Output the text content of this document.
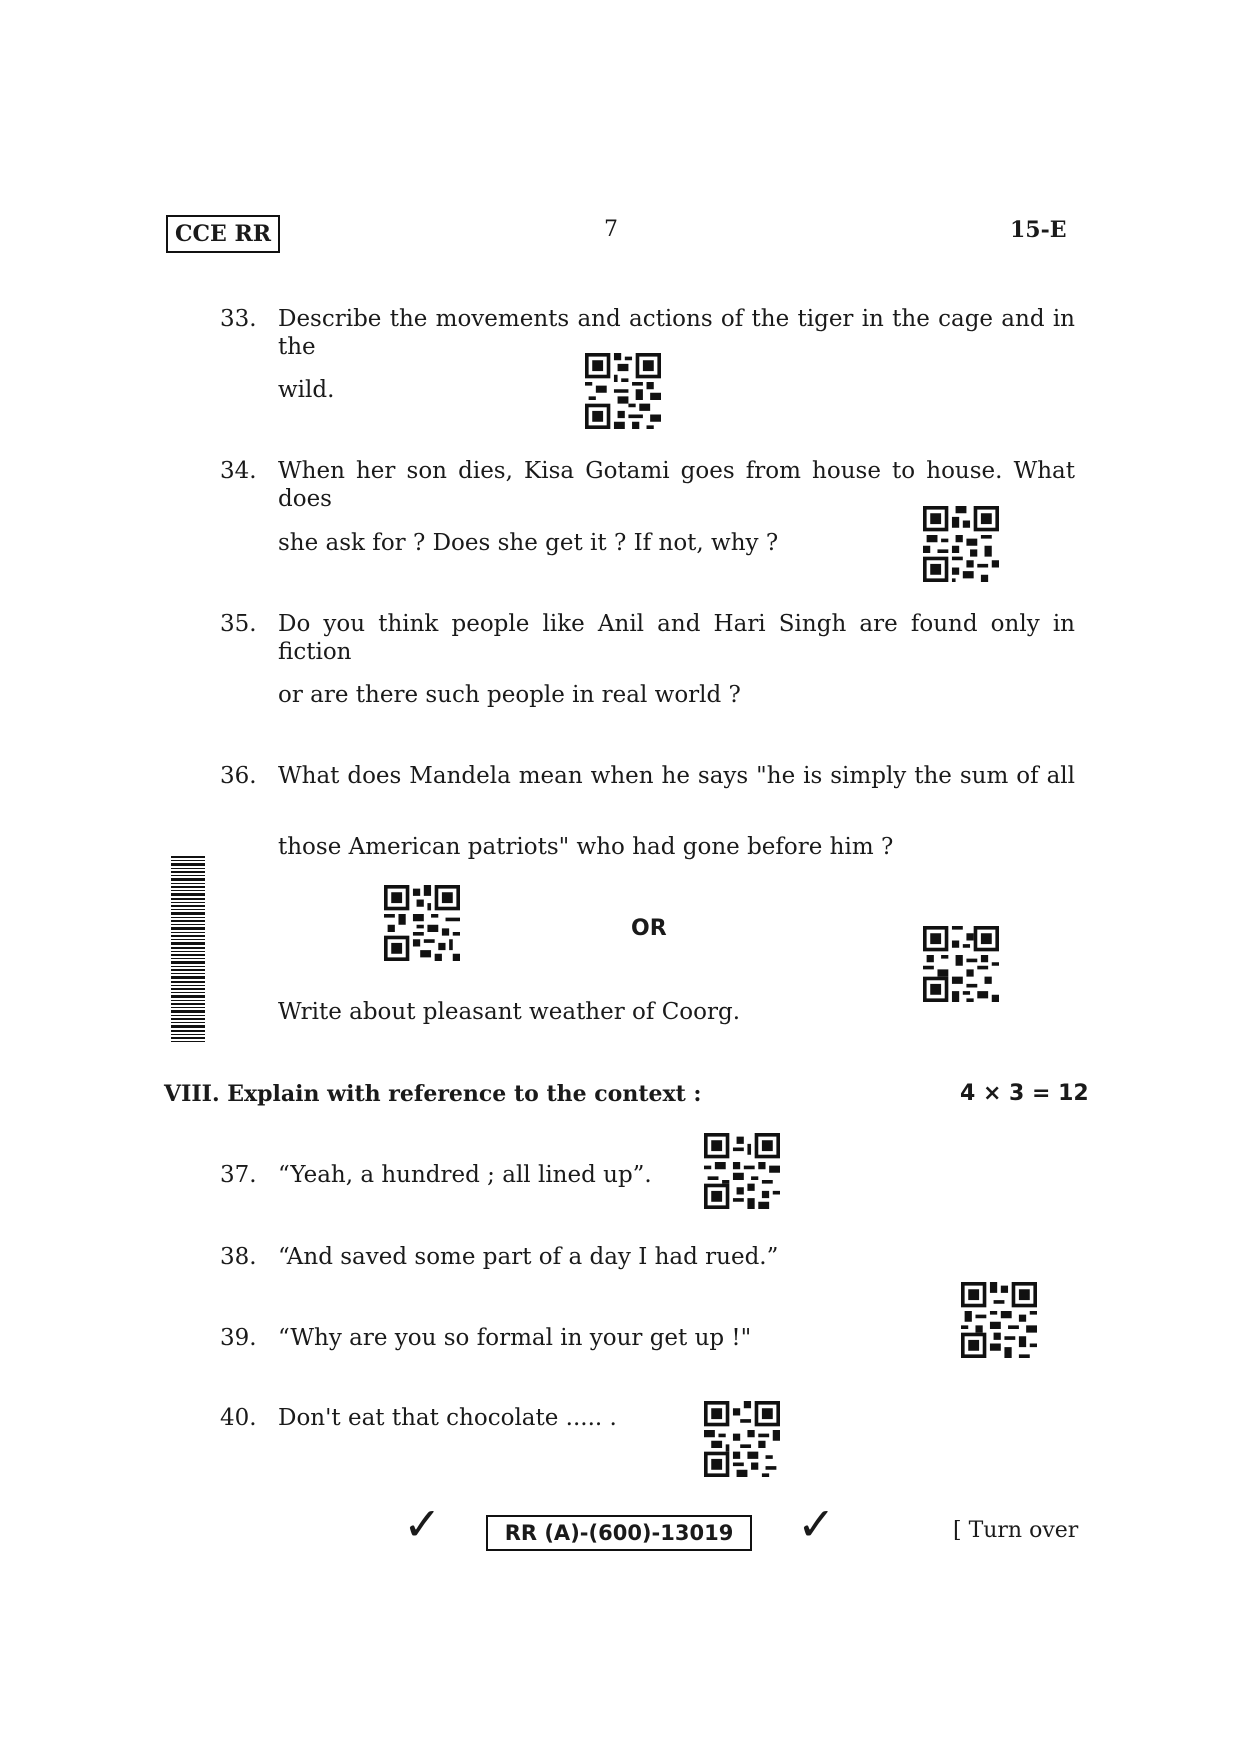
CCE RR	7	15-E
33. Describe the movements and actions of the tiger in the cage and in the
wild.
34. When her son dies, Kisa Gotami goes from house to house. What does
she ask for ? Does she get it ? If not, why ?
35. Do you think people like Anil and Hari Singh are found only in fiction
or are there such people in real world ?
36. What does Mandela mean when he says "he is simply the sum of all
those American patriots" who had gone before him ?
OR
Write about pleasant weather of Coorg.
VIII. Explain with reference to the context :	4 × 3 = 12
37. “Yeah, a hundred ; all lined up”.
38. “And saved some part of a day I had rued.”
39. “Why are you so formal in your get up !"
40. Don't eat that chocolate ..... .
✓	RR (A)-(600)-13019 ✓	[ Turn over
